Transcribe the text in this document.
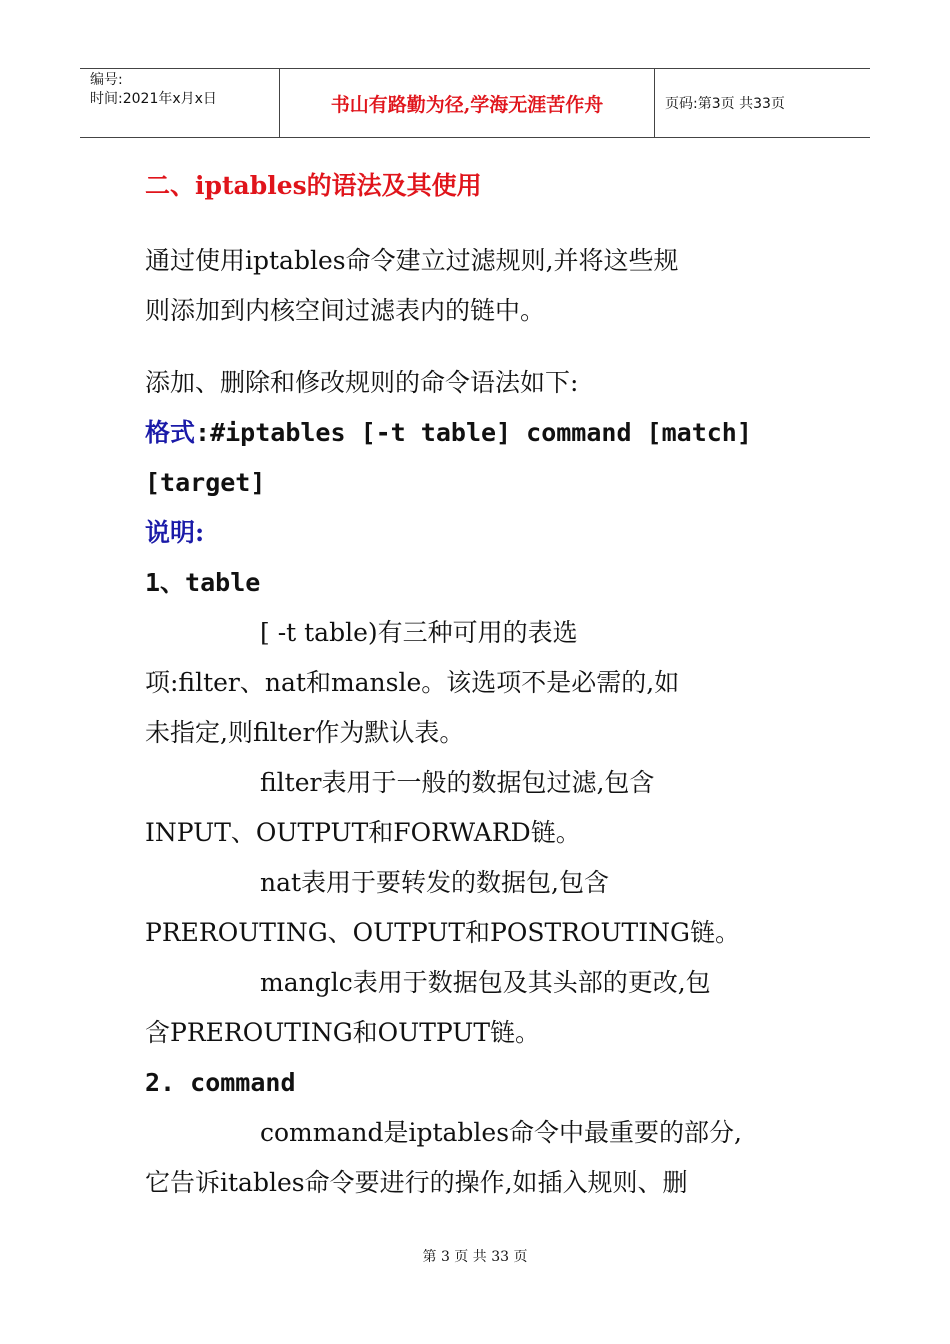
编号:
时间:2021年x月x日	书山有路勤为径,学海无涯苦作舟	页码:第3页 共33页
二、iptables的语法及其使用
通过使用iptables命令建立过滤规则,并将这些规
则添加到内核空间过滤表内的链中。
添加、删除和修改规则的命令语法如下:
格式:#iptables [-t table] command [match]
[target]
说明:
1、table
[ -t table)有三种可用的表选
项:filter、nat和mansle。该选项不是必需的,如
未指定,则filter作为默认表。
filter表用于一般的数据包过滤,包含
INPUT、OUTPUT和FORWARD链。
nat表用于要转发的数据包,包含
PREROUTING、OUTPUT和POSTROUTING链。
manglc表用于数据包及其头部的更改,包
含PREROUTING和OUTPUT链。
2. command
command是iptables命令中最重要的部分,
它告诉itables命令要进行的操作,如插入规则、删
第 3 页 共 33 页
